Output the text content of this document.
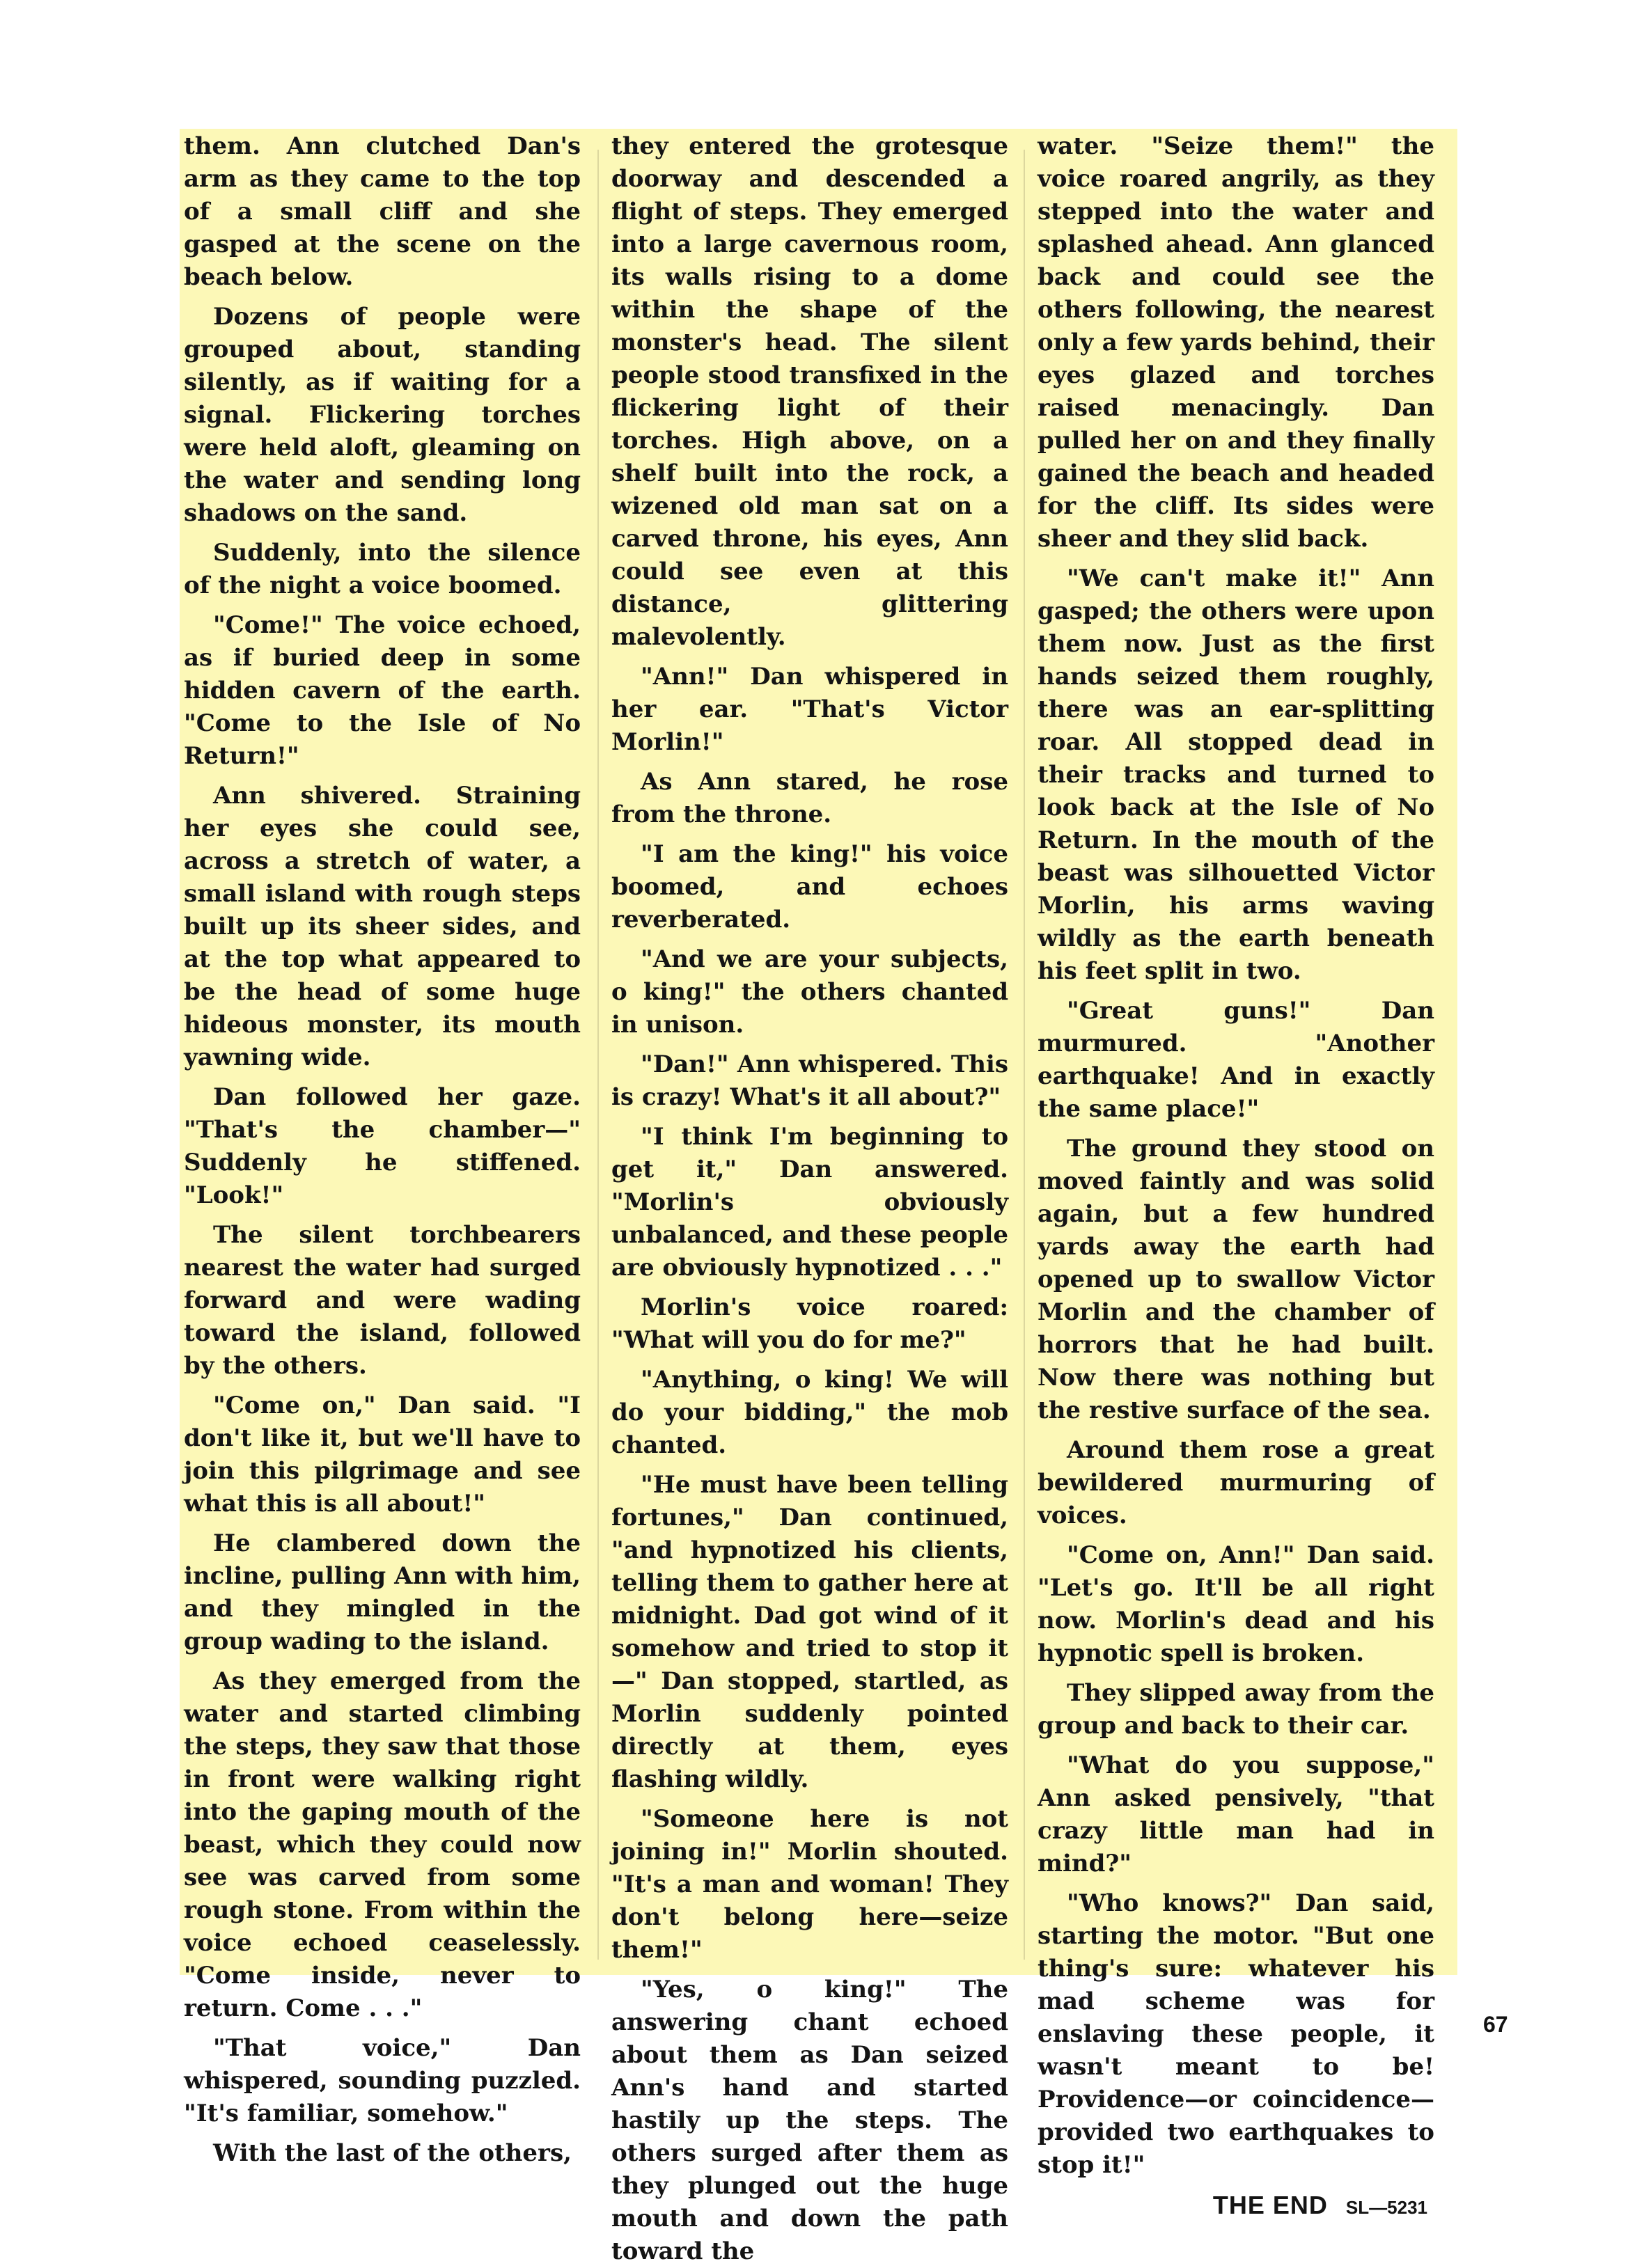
them. Ann clutched Dan's arm as they came to the top of a small cliff and she gasped at the scene on the beach below.

Dozens of people were grouped about, standing silently, as if waiting for a signal. Flickering torches were held aloft, gleaming on the water and sending long shadows on the sand.

Suddenly, into the silence of the night a voice boomed.

"Come!" The voice echoed, as if buried deep in some hidden cavern of the earth. "Come to the Isle of No Return!"

Ann shivered. Straining her eyes she could see, across a stretch of water, a small island with rough steps built up its sheer sides, and at the top what appeared to be the head of some huge hideous monster, its mouth yawning wide.

Dan followed her gaze. "That's the chamber—" Suddenly he stiffened. "Look!"

The silent torchbearers nearest the water had surged forward and were wading toward the island, followed by the others.

"Come on," Dan said. "I don't like it, but we'll have to join this pilgrimage and see what this is all about!"

He clambered down the incline, pulling Ann with him, and they mingled in the group wading to the island.

As they emerged from the water and started climbing the steps, they saw that those in front were walking right into the gaping mouth of the beast, which they could now see was carved from some rough stone. From within the voice echoed ceaselessly. "Come inside, never to return. Come . . ."

"That voice," Dan whispered, sounding puzzled. "It's familiar, somehow."

With the last of the others,

they entered the grotesque doorway and descended a flight of steps. They emerged into a large cavernous room, its walls rising to a dome within the shape of the monster's head. The silent people stood transfixed in the flickering light of their torches. High above, on a shelf built into the rock, a wizened old man sat on a carved throne, his eyes, Ann could see even at this distance, glittering malevolently.

"Ann!" Dan whispered in her ear. "That's Victor Morlin!"

As Ann stared, he rose from the throne.

"I am the king!" his voice boomed, and echoes reverberated.

"And we are your subjects, o king!" the others chanted in unison.

"Dan!" Ann whispered. This is crazy! What's it all about?"

"I think I'm beginning to get it," Dan answered. "Morlin's obviously unbalanced, and these people are obviously hypnotized . . ."

Morlin's voice roared: "What will you do for me?"

"Anything, o king! We will do your bidding," the mob chanted.

"He must have been telling fortunes," Dan continued, "and hypnotized his clients, telling them to gather here at midnight. Dad got wind of it somehow and tried to stop it—" Dan stopped, startled, as Morlin suddenly pointed directly at them, eyes flashing wildly.

"Someone here is not joining in!" Morlin shouted. "It's a man and woman! They don't belong here—seize them!"

"Yes, o king!" The answering chant echoed about them as Dan seized Ann's hand and started hastily up the steps. The others surged after them as they plunged out the huge mouth and down the path toward the

water. "Seize them!" the voice roared angrily, as they stepped into the water and splashed ahead. Ann glanced back and could see the others following, the nearest only a few yards behind, their eyes glazed and torches raised menacingly. Dan pulled her on and they finally gained the beach and headed for the cliff. Its sides were sheer and they slid back.

"We can't make it!" Ann gasped; the others were upon them now. Just as the first hands seized them roughly, there was an ear-splitting roar. All stopped dead in their tracks and turned to look back at the Isle of No Return. In the mouth of the beast was silhouetted Victor Morlin, his arms waving wildly as the earth beneath his feet split in two.

"Great guns!" Dan murmured. "Another earthquake! And in exactly the same place!"

The ground they stood on moved faintly and was solid again, but a few hundred yards away the earth had opened up to swallow Victor Morlin and the chamber of horrors that he had built. Now there was nothing but the restive surface of the sea.

Around them rose a great bewildered murmuring of voices.

"Come on, Ann!" Dan said. "Let's go. It'll be all right now. Morlin's dead and his hypnotic spell is broken.

They slipped away from the group and back to their car.

"What do you suppose," Ann asked pensively, "that crazy little man had in mind?"

"Who knows?" Dan said, starting the motor. "But one thing's sure: whatever his mad scheme was for enslaving these people, it wasn't meant to be! Providence—or coincidence—provided two earthquakes to stop it!"

THE END SL—5231
67
